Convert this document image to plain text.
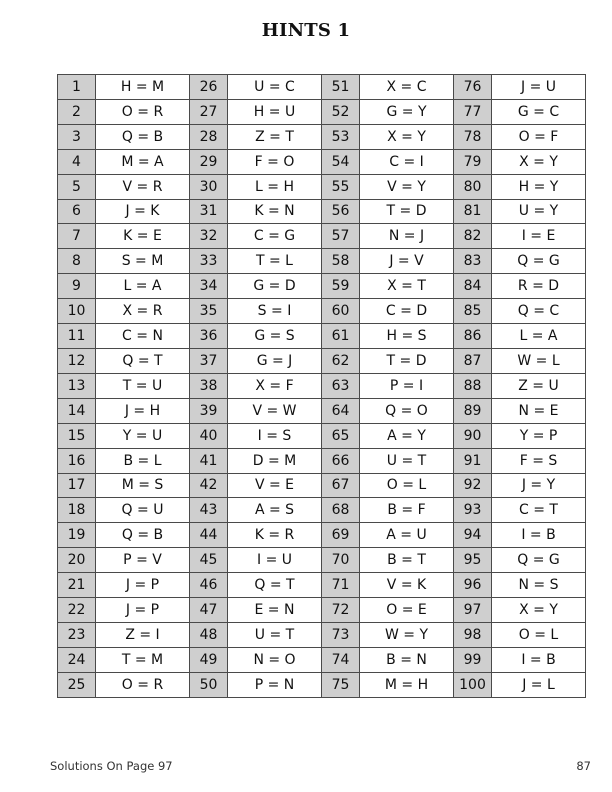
HINTS 1
1	H = M	26	U = C	51	X = C	76	J = U
2	O = R	27	H = U	52	G = Y	77	G = C
3	Q = B	28	Z = T	53	X = Y	78	O = F
4	M = A	29	F = O	54	C = I	79	X = Y
5	V = R	30	L = H	55	V = Y	80	H = Y
6	J = K	31	K = N	56	T = D	81	U = Y
7	K = E	32	C = G	57	N = J	82	I = E
8	S = M	33	T = L	58	J = V	83	Q = G
9	L = A	34	G = D	59	X = T	84	R = D
10	X = R	35	S = I	60	C = D	85	Q = C
11	C = N	36	G = S	61	H = S	86	L = A
12	Q = T	37	G = J	62	T = D	87	W = L
13	T = U	38	X = F	63	P = I	88	Z = U
14	J = H	39	V = W	64	Q = O	89	N = E
15	Y = U	40	I = S	65	A = Y	90	Y = P
16	B = L	41	D = M	66	U = T	91	F = S
17	M = S	42	V = E	67	O = L	92	J = Y
18	Q = U	43	A = S	68	B = F	93	C = T
19	Q = B	44	K = R	69	A = U	94	I = B
20	P = V	45	I = U	70	B = T	95	Q = G
21	J = P	46	Q = T	71	V = K	96	N = S
22	J = P	47	E = N	72	O = E	97	X = Y
23	Z = I	48	U = T	73	W = Y	98	O = L
24	T = M	49	N = O	74	B = N	99	I = B
25	O = R	50	P = N	75	M = H	100	J = L
Solutions On Page 97	87
